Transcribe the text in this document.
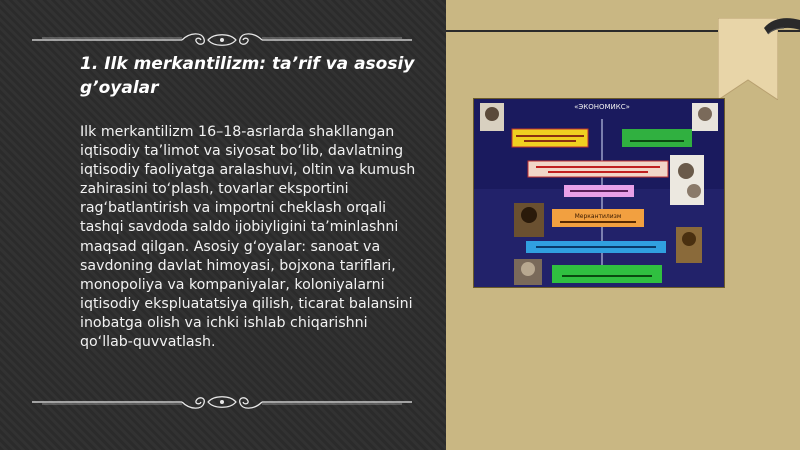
1. Ilk merkantilizm: ta’rif va asosiy g’oyalar

Ilk merkantilizm 16–18-asrlarda shakllangan iqtisodiy ta’limot va siyosat bo‘lib, davlatning iqtisodiy faoliyatga aralashuvi, oltin va kumush zahirasini to‘plash, tovarlar eksportini rag‘batlantirish va importni cheklash orqali tashqi savdoda saldo ijobiyligini ta’minlashni maqsad qilgan. Asosiy g‘oyalar: sanoat va savdoning davlat himoyasi, bojxona tariflari, monopoliya va kompaniyalar, koloniyalarni iqtisodiy ekspluatatsiya qilish, ticarat balansini inobatga olish va ichki ishlab chiqarishni qo‘llab-quvvatlash.

«ЭКОНОМИКС»
Меркантилизм
